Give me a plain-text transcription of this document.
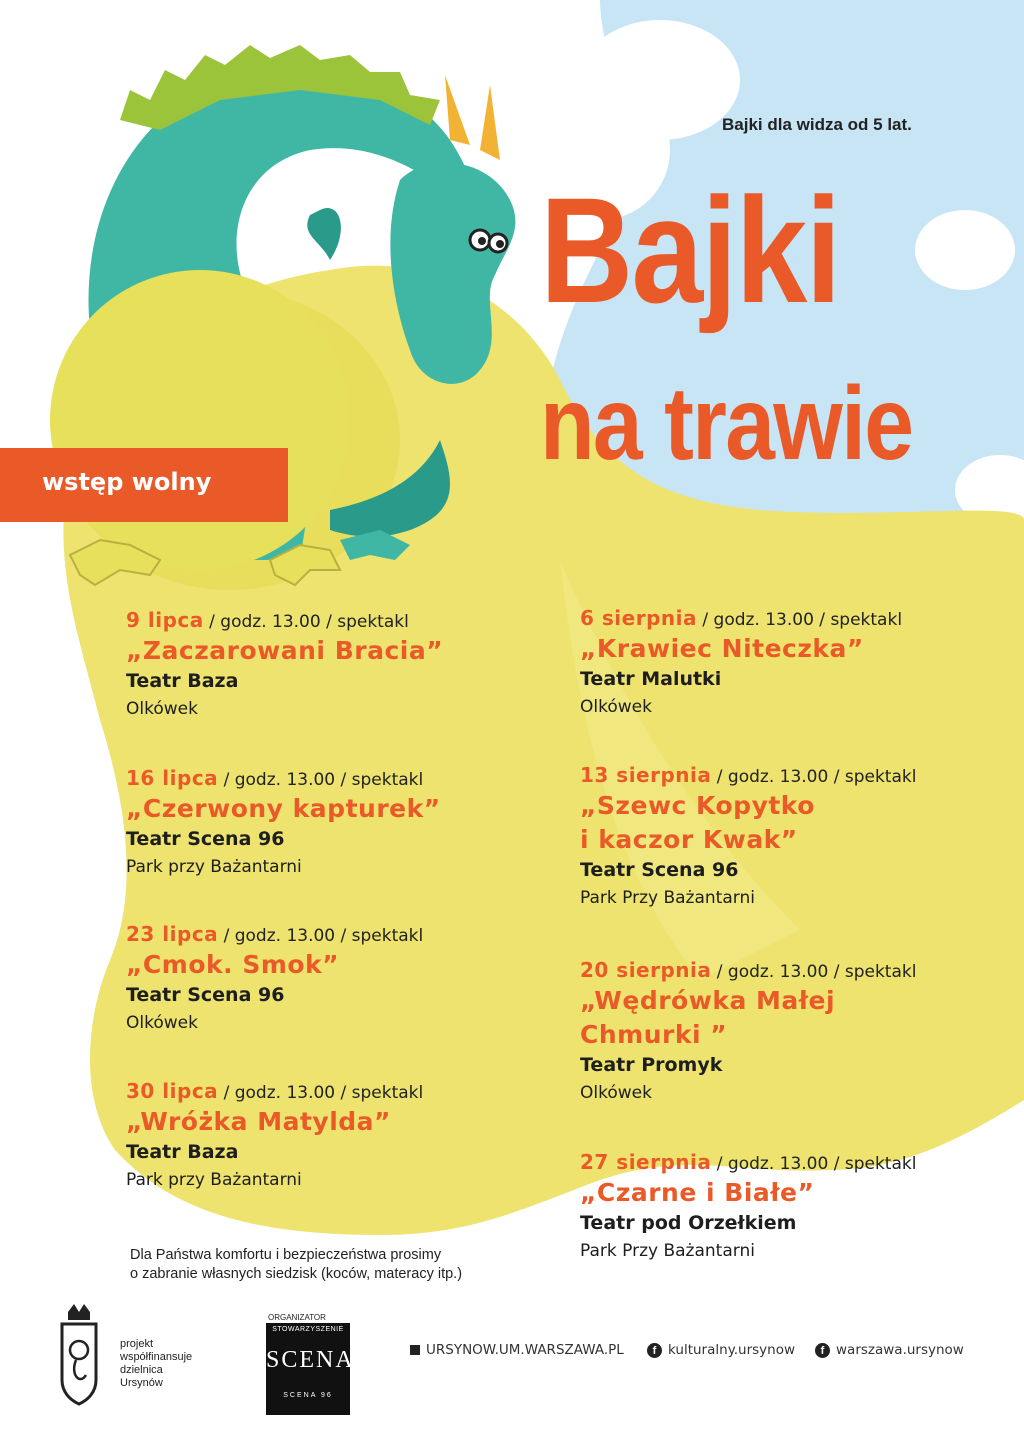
Bajki dla widza od 5 lat.
Bajki
na trawie
wstęp wolny
9 lipca / godz. 13.00 / spektakl
„Zaczarowani Bracia”
Teatr Baza
Olkówek
16 lipca / godz. 13.00 / spektakl
„Czerwony kapturek”
Teatr Scena 96
Park przy Bażantarni
23 lipca / godz. 13.00 / spektakl
„Cmok. Smok”
Teatr Scena 96
Olkówek
30 lipca / godz. 13.00 / spektakl
„Wróżka Matylda”
Teatr Baza
Park przy Bażantarni
6 sierpnia / godz. 13.00 / spektakl
„Krawiec Niteczka”
Teatr Malutki
Olkówek
13 sierpnia / godz. 13.00 / spektakl
„Szewc Kopytko
i kaczor Kwak”
Teatr Scena 96
Park Przy Bażantarni
20 sierpnia / godz. 13.00 / spektakl
„Wędrówka Małej
Chmurki ”
Teatr Promyk
Olkówek
27 sierpnia / godz. 13.00 / spektakl
„Czarne i Białe”
Teatr pod Orzełkiem
Park Przy Bażantarni
Dla Państwa komfortu i bezpieczeństwa prosimy
o zabranie własnych siedzisk (koców, materacy itp.)
projekt
współfinansuje
dzielnica
Ursynów
ORGANIZATOR
STOWARZYSZENIE
SCENA
SCENA 96
URSYNOW.UM.WARSZAWA.PL	f kulturalny.ursynow	f warszawa.ursynow
